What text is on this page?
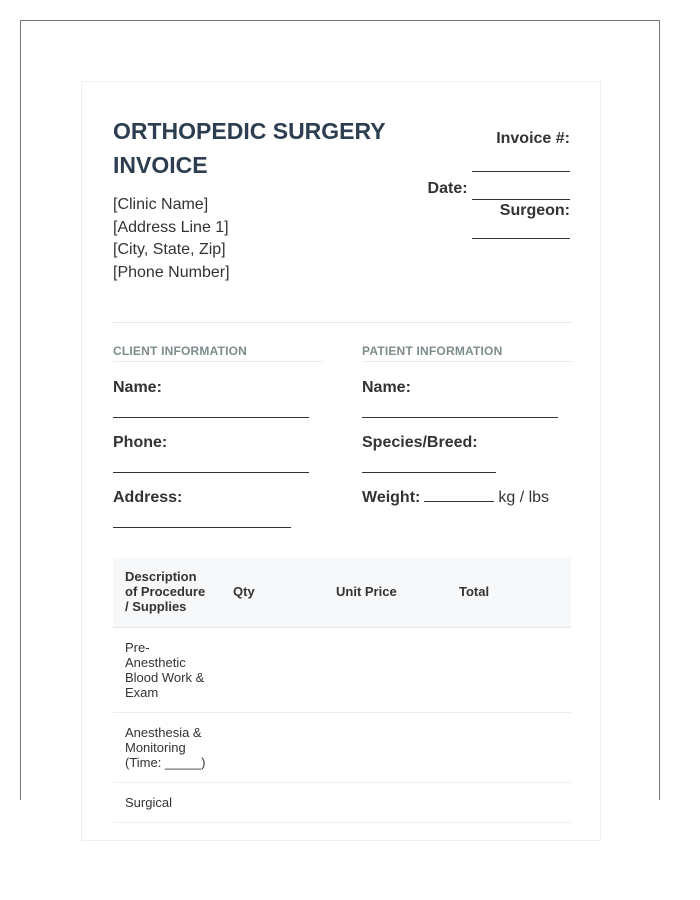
ORTHOPEDIC SURGERY INVOICE
[Clinic Name]
[Address Line 1]
[City, State, Zip]
[Phone Number]
Invoice #:
Date:
Surgeon:
CLIENT INFORMATION
Name:
Phone:
Address:
PATIENT INFORMATION
Name:
Species/Breed:
Weight:	kg / lbs
Description of Procedure / Supplies	Qty	Unit Price	Total
Pre-Anesthetic Blood Work & Exam			
Anesthesia & Monitoring (Time: _____)			
Surgical			
